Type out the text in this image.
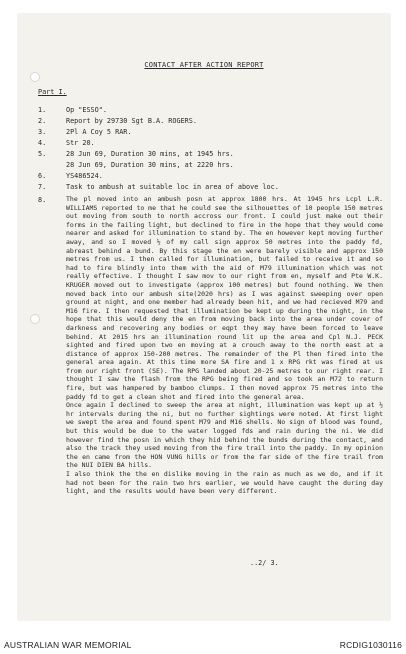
CONTACT AFTER ACTION REPORT
Part I.
1.	Op "ESSO".
2.	Report by 29730 Sgt B.A. ROGERS.
3.	2Pl A Coy 5 RAR.
4.	Str 20.
5.	28 Jun 69, Duration 30 mins, at 1945 hrs.
28 Jun 69, Duration 30 mins, at 2220 hrs.
6.	YS486524.
7.	Task to ambush at suitable loc in area of above loc.
8.	The pl moved into an ambush posn at approx 1800 hrs. At 1945 hrs Lcpl L.R. WILLIAMS reported to me that he could see the silhouettes of 10 people 150 metres out moving from south to north accross our front. I could just make out their forms in the failing light, but declined to fire in the hope that they would come nearer and asked for illumination to stand by. The en however kept moving further away, and so I moved ½ of my call sign approx 50 metres into the paddy fd, abreast behind a bund. By this stage the en were barely visible and approx 150 metres from us. I then called for illumination, but failed to receive it and so had to fire blindly into them with the aid of M79 illumination which was not really effective. I thought I saw mov to our right from en, myself and Pte W.K. KRUGER moved out to investigate (approx 100 metres) but found nothing. We then moved back into our ambush site(2020 hrs) as I was against sweeping over open ground at night, and one member had already been hit, and we had recieved M79 and M16 fire. I then requested that illumination be kept up during the night, in the hope that this would deny the en from moving back into the area under cover of darkness and recovering any bodies or eqpt they may have been forced to leave behind. At 2015 hrs an illumination round lit up the area and Cpl N.J. PECK sighted and fired upon two en moving at a crouch away to the north east at a distance of approx 150-200 metres. The remainder of the Pl then fired into the general area again. At this time more SA fire and 1 x RPG rkt was fired at us from our right front (SE). The RPG landed about 20-25 metres to our right rear. I thought I saw the flash from the RPG being fired and so took an M72 to return fire, but was hampered by bamboo clumps. I then moved approx 75 metres into the paddy fd to get a clean shot and fired into the general area.
Once again I declined to sweep the area at night, illumination was kept up at ½ hr intervals during the ni, but no further sightings were noted. At first light we swept the area and found spent M79 and M16 shells. No sign of blood was found, but this would be due to the water logged fds and rain during the ni. We did however find the posn in which they hid behind the bunds during the contact, and also the track they used moving from the fire trail into the paddy. In my opinion the en came from the HON VUNG hills or from the far side of the fire trail from the NUI DIEN BA hills.
I also think the the en dislike moving in the rain as much as we do, and if it had not been for the rain two hrs earlier, we would have caught the during day light, and the results would have been very different.
..2/ 3.
AUSTRALIAN WAR MEMORIAL	RCDIG1030116
